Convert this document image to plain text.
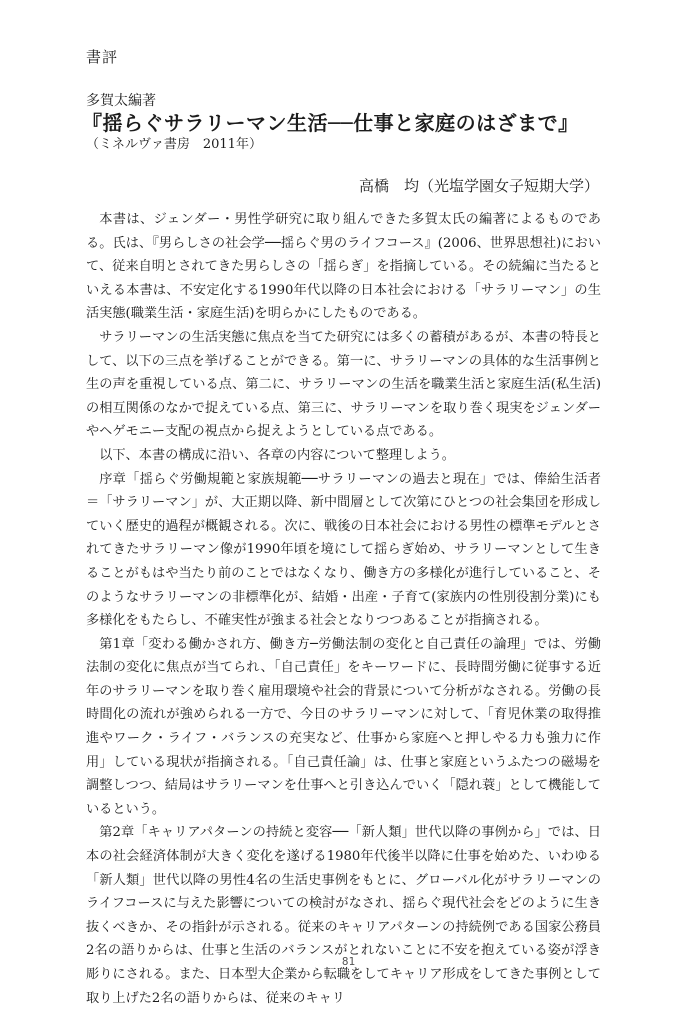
書評
多賀太編著
『揺らぐサラリーマン生活──仕事と家庭のはざまで』
（ミネルヴァ書房　2011年）
高橋　均（光塩学園女子短期大学）

本書は、ジェンダー・男性学研究に取り組んできた多賀太氏の編著によるものである。氏は、『男らしさの社会学──揺らぐ男のライフコース』(2006、世界思想社)において、従来自明とされてきた男らしさの「揺らぎ」を指摘している。その続編に当たるといえる本書は、不安定化する1990年代以降の日本社会における「サラリーマン」の生活実態(職業生活・家庭生活)を明らかにしたものである。

サラリーマンの生活実態に焦点を当てた研究には多くの蓄積があるが、本書の特長として、以下の三点を挙げることができる。第一に、サラリーマンの具体的な生活事例と生の声を重視している点、第二に、サラリーマンの生活を職業生活と家庭生活(私生活)の相互関係のなかで捉えている点、第三に、サラリーマンを取り巻く現実をジェンダーやヘゲモニー支配の視点から捉えようとしている点である。

以下、本書の構成に沿い、各章の内容について整理しよう。

序章「揺らぐ労働規範と家族規範──サラリーマンの過去と現在」では、俸給生活者＝「サラリーマン」が、大正期以降、新中間層として次第にひとつの社会集団を形成していく歴史的過程が概観される。次に、戦後の日本社会における男性の標準モデルとされてきたサラリーマン像が1990年頃を境にして揺らぎ始め、サラリーマンとして生きることがもはや当たり前のことではなくなり、働き方の多様化が進行していること、そのようなサラリーマンの非標準化が、結婚・出産・子育て(家族内の性別役割分業)にも多様化をもたらし、不確実性が強まる社会となりつつあることが指摘される。

第1章「変わる働かされ方、働き方─労働法制の変化と自己責任の論理」では、労働法制の変化に焦点が当てられ、「自己責任」をキーワードに、長時間労働に従事する近年のサラリーマンを取り巻く雇用環境や社会的背景について分析がなされる。労働の長時間化の流れが強められる一方で、今日のサラリーマンに対して、「育児休業の取得推進やワーク・ライフ・バランスの充実など、仕事から家庭へと押しやる力も強力に作用」している現状が指摘される。「自己責任論」は、仕事と家庭というふたつの磁場を調整しつつ、結局はサラリーマンを仕事へと引き込んでいく「隠れ蓑」として機能しているという。

第2章「キャリアパターンの持続と変容──「新人類」世代以降の事例から」では、日本の社会経済体制が大きく変化を遂げる1980年代後半以降に仕事を始めた、いわゆる「新人類」世代以降の男性4名の生活史事例をもとに、グローバル化がサラリーマンのライフコースに与えた影響についての検討がなされ、揺らぐ現代社会をどのように生き抜くべきか、その指針が示される。従来のキャリアパターンの持続例である国家公務員2名の語りからは、仕事と生活のバランスがとれないことに不安を抱えている姿が浮き彫りにされる。また、日本型大企業から転職をしてキャリア形成をしてきた事例として取り上げた2名の語りからは、従来のキャリ

81
